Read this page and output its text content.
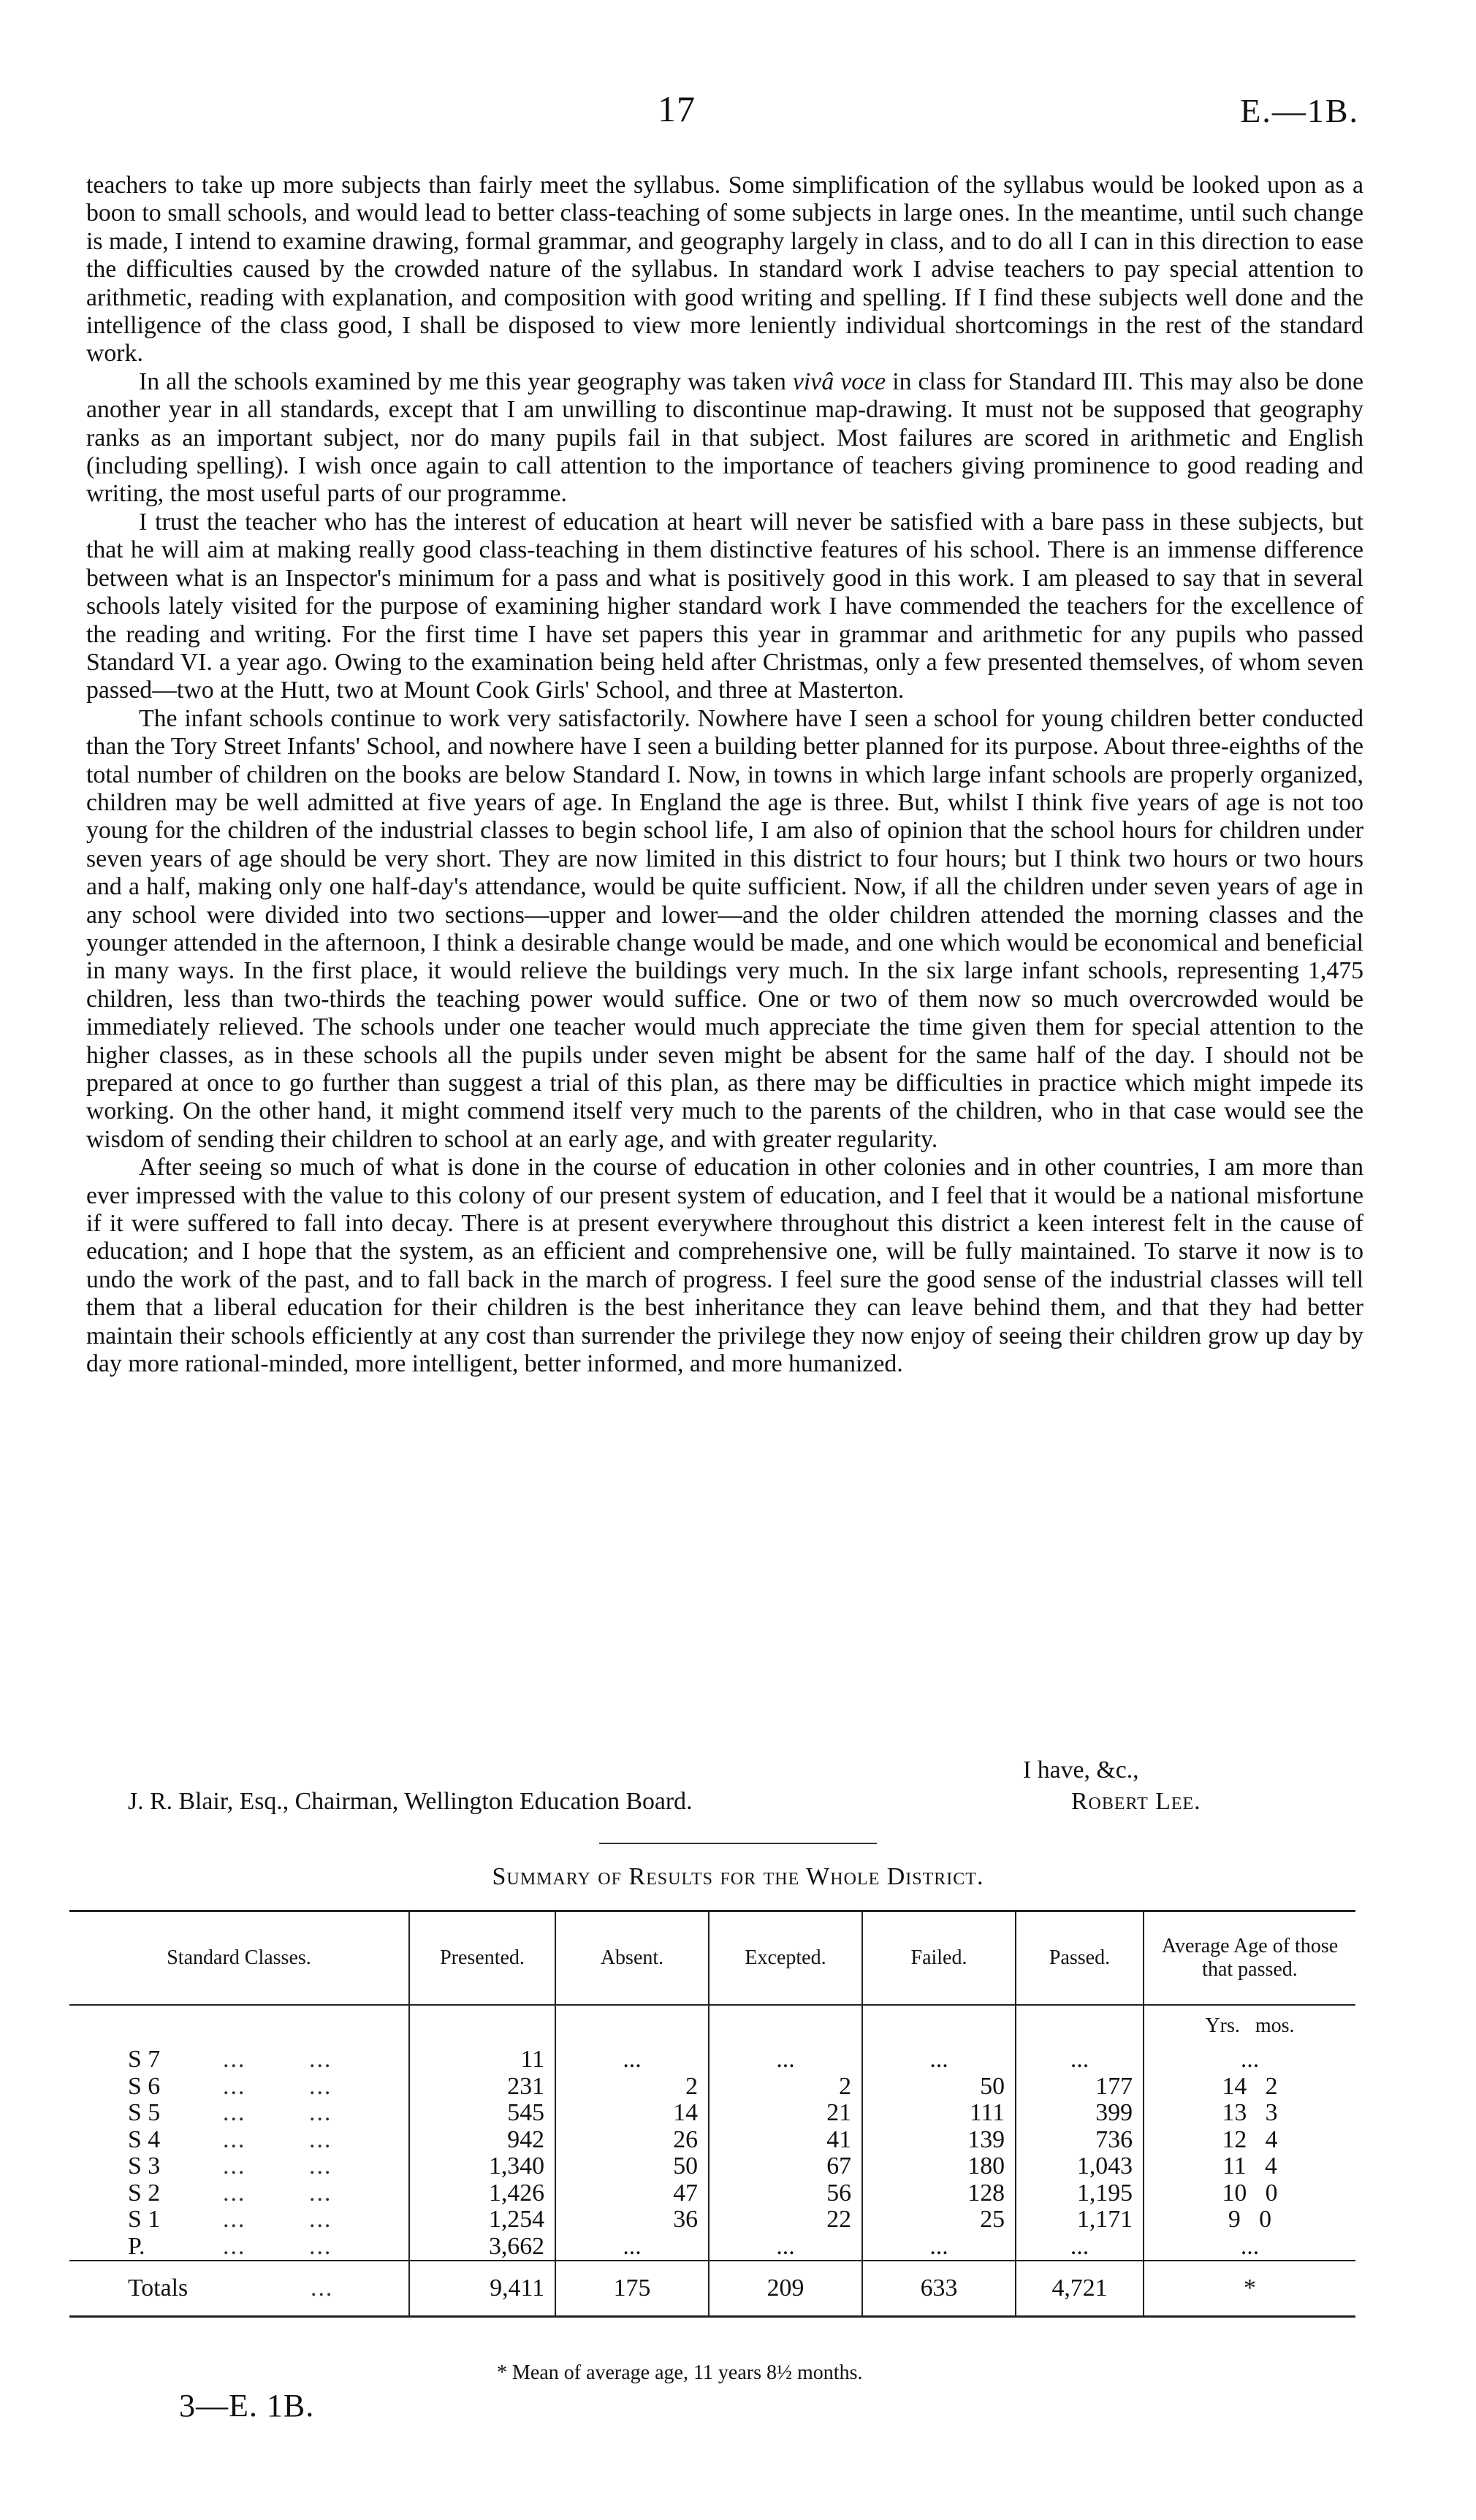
17	E.—1B.

teachers to take up more subjects than fairly meet the syllabus. Some simplification of the syllabus would be looked upon as a boon to small schools, and would lead to better class-teaching of some subjects in large ones. In the meantime, until such change is made, I intend to examine drawing, formal grammar, and geography largely in class, and to do all I can in this direction to ease the difficulties caused by the crowded nature of the syllabus. In standard work I advise teachers to pay special attention to arithmetic, reading with explanation, and composition with good writing and spelling. If I find these subjects well done and the intelligence of the class good, I shall be disposed to view more leniently individual shortcomings in the rest of the standard work.

In all the schools examined by me this year geography was taken vivâ voce in class for Standard III. This may also be done another year in all standards, except that I am unwilling to discontinue map-drawing. It must not be supposed that geography ranks as an important subject, nor do many pupils fail in that subject. Most failures are scored in arithmetic and English (including spelling). I wish once again to call attention to the importance of teachers giving prominence to good reading and writing, the most useful parts of our programme.

I trust the teacher who has the interest of education at heart will never be satisfied with a bare pass in these subjects, but that he will aim at making really good class-teaching in them distinctive features of his school. There is an immense difference between what is an Inspector's minimum for a pass and what is positively good in this work. I am pleased to say that in several schools lately visited for the purpose of examining higher standard work I have commended the teachers for the excellence of the reading and writing. For the first time I have set papers this year in grammar and arithmetic for any pupils who passed Standard VI. a year ago. Owing to the examination being held after Christmas, only a few presented themselves, of whom seven passed—two at the Hutt, two at Mount Cook Girls' School, and three at Masterton.

The infant schools continue to work very satisfactorily. Nowhere have I seen a school for young children better conducted than the Tory Street Infants' School, and nowhere have I seen a building better planned for its purpose. About three-eighths of the total number of children on the books are below Standard I. Now, in towns in which large infant schools are properly organized, children may be well admitted at five years of age. In England the age is three. But, whilst I think five years of age is not too young for the children of the industrial classes to begin school life, I am also of opinion that the school hours for children under seven years of age should be very short. They are now limited in this district to four hours; but I think two hours or two hours and a half, making only one half-day's attendance, would be quite sufficient. Now, if all the children under seven years of age in any school were divided into two sections—upper and lower—and the older children attended the morning classes and the younger attended in the afternoon, I think a desirable change would be made, and one which would be economical and beneficial in many ways. In the first place, it would relieve the buildings very much. In the six large infant schools, representing 1,475 children, less than two-thirds the teaching power would suffice. One or two of them now so much overcrowded would be immediately relieved. The schools under one teacher would much appreciate the time given them for special attention to the higher classes, as in these schools all the pupils under seven might be absent for the same half of the day. I should not be prepared at once to go further than suggest a trial of this plan, as there may be difficulties in practice which might impede its working. On the other hand, it might commend itself very much to the parents of the children, who in that case would see the wisdom of sending their children to school at an early age, and with greater regularity.

After seeing so much of what is done in the course of education in other colonies and in other countries, I am more than ever impressed with the value to this colony of our present system of education, and I feel that it would be a national misfortune if it were suffered to fall into decay. There is at present everywhere throughout this district a keen interest felt in the cause of education; and I hope that the system, as an efficient and comprehensive one, will be fully maintained. To starve it now is to undo the work of the past, and to fall back in the march of progress. I feel sure the good sense of the industrial classes will tell them that a liberal education for their children is the best inheritance they can leave behind them, and that they had better maintain their schools efficiently at any cost than surrender the privilege they now enjoy of seeing their children grow up day by day more rational-minded, more intelligent, better informed, and more humanized.

I have, &c.,
J. R. Blair, Esq., Chairman, Wellington Education Board.	Robert Lee.
Summary of Results for the Whole District.
Standard Classes.	Presented.	Absent.	Excepted.	Failed.	Passed.	Average Age of those that passed.
						Yrs.   mos.
S 7 ... ...	11	...	...	...	...	...
S 6 ... ...	231	2	2	50	177	14   2
S 5 ... ...	545	14	21	111	399	13   3
S 4 ... ...	942	26	41	139	736	12   4
S 3 ... ...	1,340	50	67	180	1,043	11   4
S 2 ... ...	1,426	47	56	128	1,195	10   0
S 1 ... ...	1,254	36	22	25	1,171	9   0
P. ... ...	3,662	...	...	...	...	...
Totals ...	9,411	175	209	633	4,721	*
* Mean of average age, 11 years 8½ months.
3—E. 1B.
